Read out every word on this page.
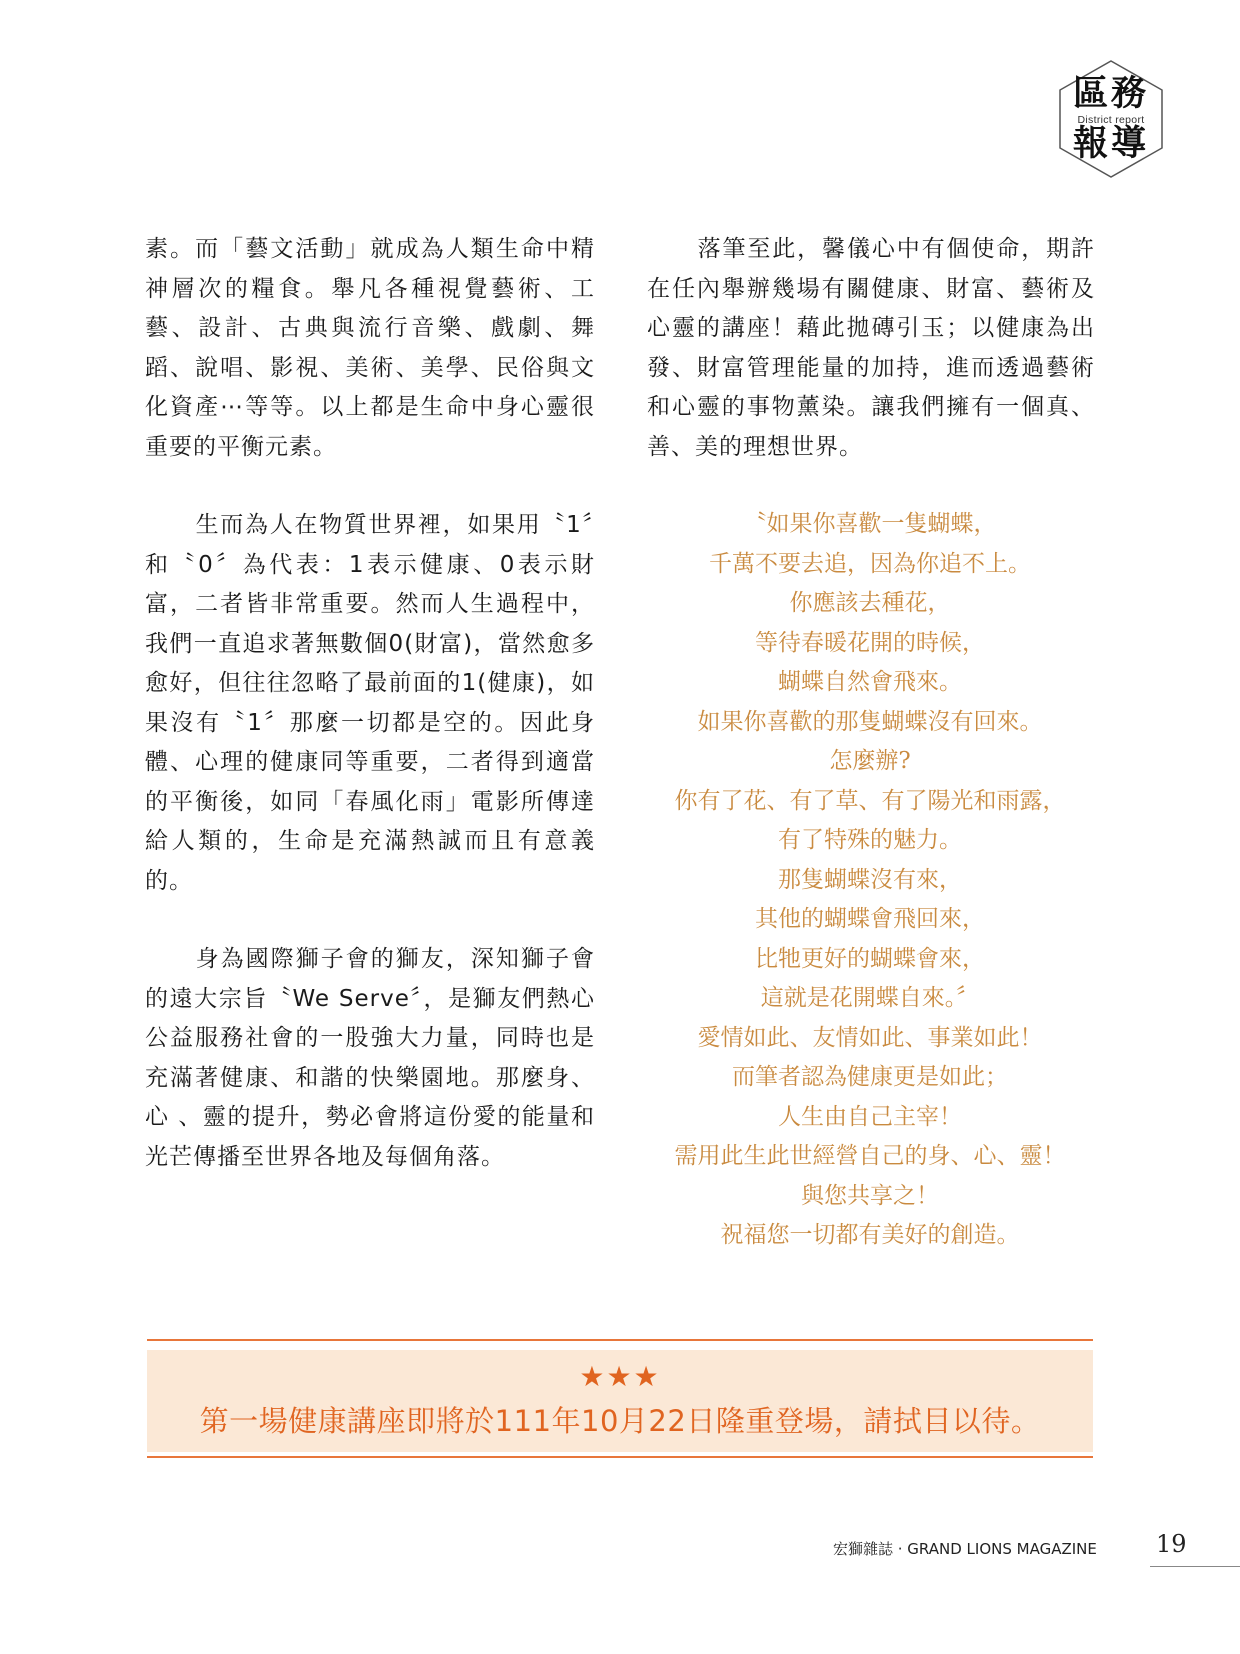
區務
District report
報導

素。而「藝文活動」就成為人類生命中精神層次的糧食。舉凡各種視覺藝術、工藝、設計、古典與流行音樂、戲劇、舞蹈、說唱、影視、美術、美學、民俗與文化資產⋯等等。以上都是生命中身心靈很重要的平衡元素。

生而為人在物質世界裡，如果用〝1〞和〝0〞為代表：1表示健康、0表示財富，二者皆非常重要。然而人生過程中，我們一直追求著無數個0(財富)，當然愈多愈好，但往往忽略了最前面的1(健康)，如果沒有〝1〞那麼一切都是空的。因此身體、心理的健康同等重要，二者得到適當的平衡後，如同「春風化雨」電影所傳達給人類的，生命是充滿熱誠而且有意義的。

身為國際獅子會的獅友，深知獅子會的遠大宗旨〝We Serve〞，是獅友們熱心公益服務社會的一股強大力量，同時也是充滿著健康、和諧的快樂園地。那麼身、心 、靈的提升，勢必會將這份愛的能量和光芒傳播至世界各地及每個角落。

落筆至此，馨儀心中有個使命，期許在任內舉辦幾場有關健康、財富、藝術及心靈的講座！藉此拋磚引玉；以健康為出發、財富管理能量的加持，進而透過藝術和心靈的事物薰染。讓我們擁有一個真、善、美的理想世界。

〝如果你喜歡一隻蝴蝶，
千萬不要去追，因為你追不上。
你應該去種花，
等待春暖花開的時候，
蝴蝶自然會飛來。
如果你喜歡的那隻蝴蝶沒有回來。
怎麼辦?
你有了花、有了草、有了陽光和雨露，
有了特殊的魅力。
那隻蝴蝶沒有來，
其他的蝴蝶會飛回來，
比牠更好的蝴蝶會來，
這就是花開蝶自來。〞
愛情如此、友情如此、事業如此！
而筆者認為健康更是如此；
人生由自己主宰！
需用此生此世經營自己的身、心、靈！
與您共享之！
祝福您一切都有美好的創造。
★★★
第一場健康講座即將於111年10月22日隆重登場，請拭目以待。
宏獅雜誌 · GRAND LIONS MAGAZINE 19
